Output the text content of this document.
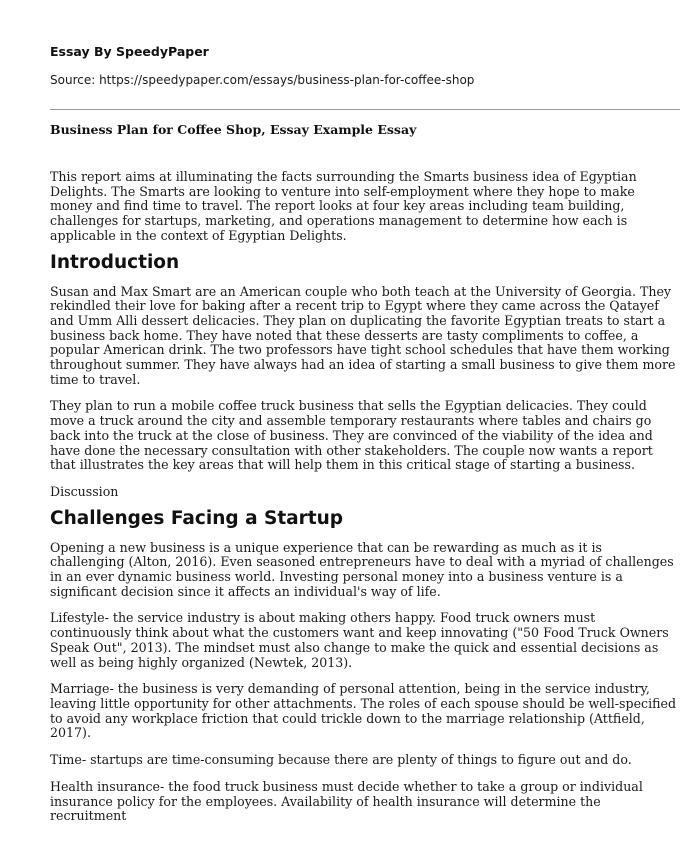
Essay By SpeedyPaper
Source: https://speedypaper.com/essays/business-plan-for-coffee-shop
Business Plan for Coffee Shop, Essay Example Essay

This report aims at illuminating the facts surrounding the Smarts business idea of Egyptian Delights. The Smarts are looking to venture into self-employment where they hope to make money and find time to travel. The report looks at four key areas including team building, challenges for startups, marketing, and operations management to determine how each is applicable in the context of Egyptian Delights.

Introduction

Susan and Max Smart are an American couple who both teach at the University of Georgia. They rekindled their love for baking after a recent trip to Egypt where they came across the Qatayef and Umm Alli dessert delicacies. They plan on duplicating the favorite Egyptian treats to start a business back home. They have noted that these desserts are tasty compliments to coffee, a popular American drink. The two professors have tight school schedules that have them working throughout summer. They have always had an idea of starting a small business to give them more time to travel.

They plan to run a mobile coffee truck business that sells the Egyptian delicacies. They could move a truck around the city and assemble temporary restaurants where tables and chairs go back into the truck at the close of business. They are convinced of the viability of the idea and have done the necessary consultation with other stakeholders. The couple now wants a report that illustrates the key areas that will help them in this critical stage of starting a business.

Discussion

Challenges Facing a Startup

Opening a new business is a unique experience that can be rewarding as much as it is challenging (Alton, 2016). Even seasoned entrepreneurs have to deal with a myriad of challenges in an ever dynamic business world. Investing personal money into a business venture is a significant decision since it affects an individual's way of life.

Lifestyle- the service industry is about making others happy. Food truck owners must continuously think about what the customers want and keep innovating ("50 Food Truck Owners Speak Out", 2013). The mindset must also change to make the quick and essential decisions as well as being highly organized (Newtek, 2013).

Marriage- the business is very demanding of personal attention, being in the service industry, leaving little opportunity for other attachments. The roles of each spouse should be well-specified to avoid any workplace friction that could trickle down to the marriage relationship (Attfield, 2017).

Time- startups are time-consuming because there are plenty of things to figure out and do.

Health insurance- the food truck business must decide whether to take a group or individual insurance policy for the employees. Availability of health insurance will determine the recruitment
